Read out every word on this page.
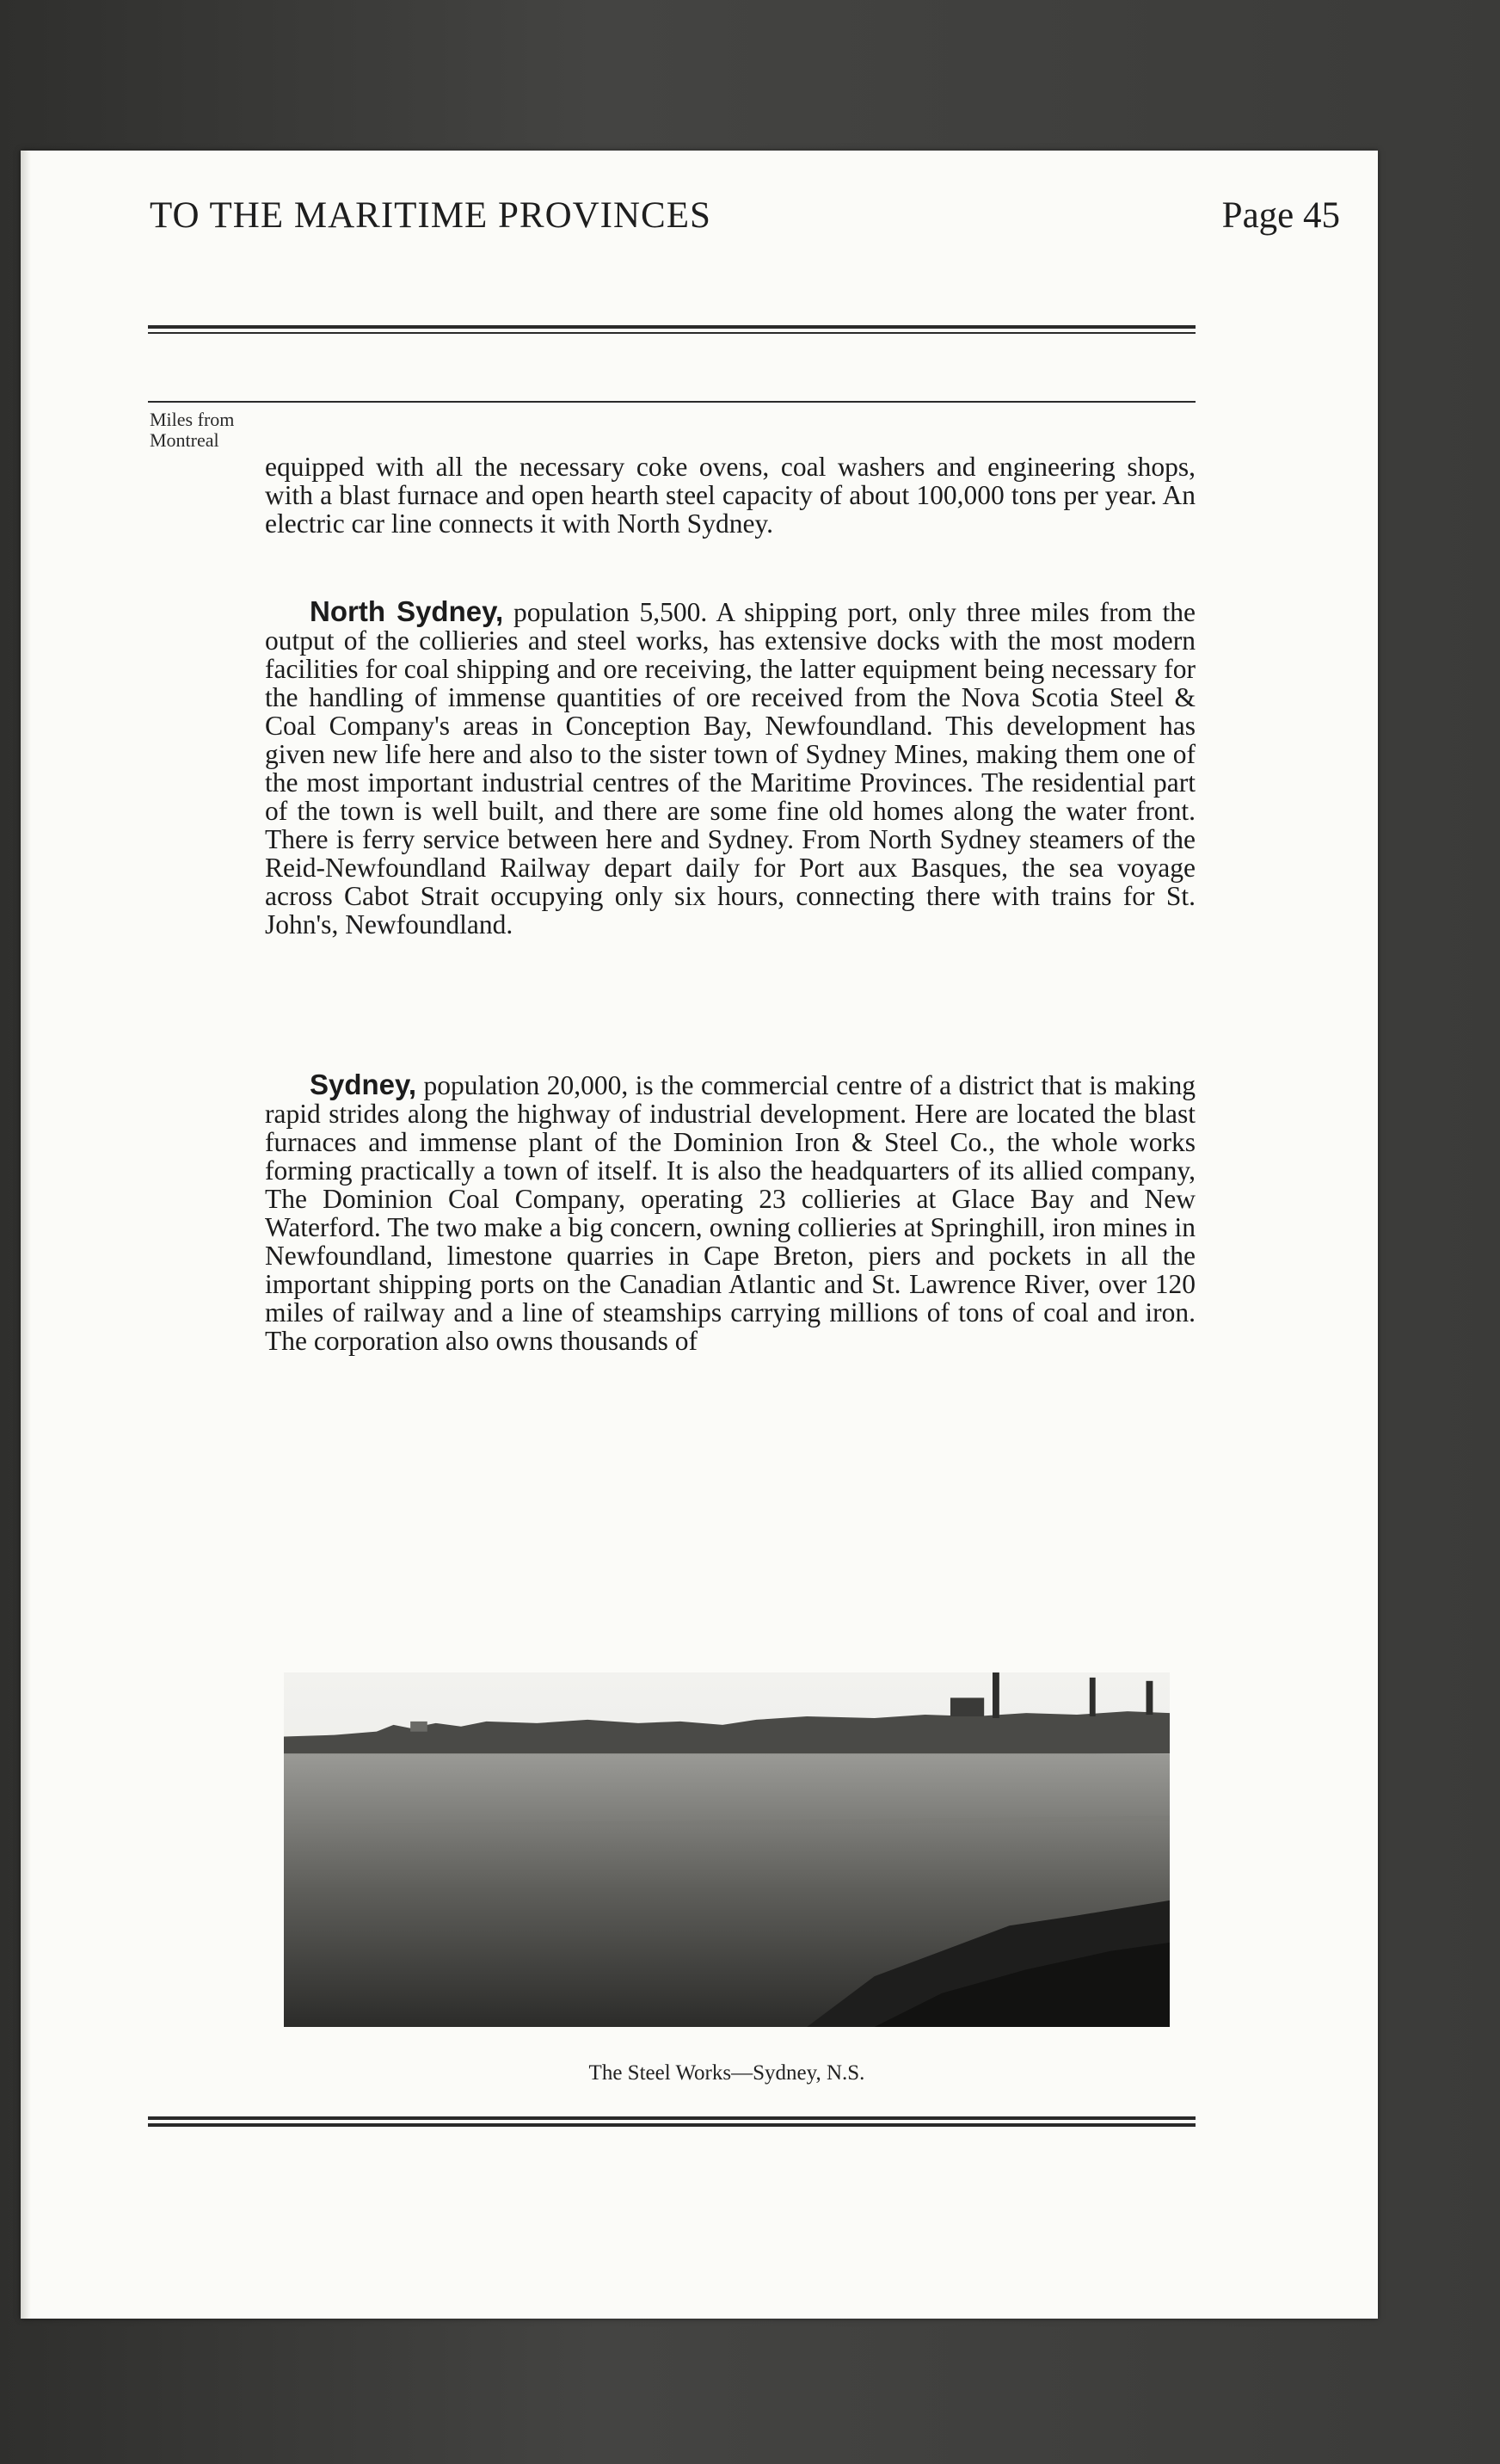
TO THE MARITIME PROVINCES	Page 45
Miles from
Montreal
equipped with all the necessary coke ovens, coal washers and engineering shops, with a blast furnace and open hearth steel capacity of about 100,000 tons per year. An electric car line connects it with North Sydney.
North Sydney, population 5,500. A shipping port, only three miles from the output of the collieries and steel works, has extensive docks with the most modern facilities for coal shipping and ore receiving, the latter equipment being necessary for the handling of immense quantities of ore received from the Nova Scotia Steel & Coal Company's areas in Conception Bay, Newfoundland. This development has given new life here and also to the sister town of Sydney Mines, making them one of the most important industrial centres of the Maritime Provinces. The residential part of the town is well built, and there are some fine old homes along the water front. There is ferry service between here and Sydney. From North Sydney steamers of the Reid-Newfoundland Railway depart daily for Port aux Basques, the sea voyage across Cabot Strait occupying only six hours, connecting there with trains for St. John's, Newfoundland.
Sydney, population 20,000, is the commercial centre of a district that is making rapid strides along the highway of industrial development. Here are located the blast furnaces and immense plant of the Dominion Iron & Steel Co., the whole works forming practically a town of itself. It is also the headquarters of its allied company, The Dominion Coal Company, operating 23 collieries at Glace Bay and New Waterford. The two make a big concern, owning collieries at Springhill, iron mines in Newfoundland, limestone quarries in Cape Breton, piers and pockets in all the important shipping ports on the Canadian Atlantic and St. Lawrence River, over 120 miles of railway and a line of steamships carrying millions of tons of coal and iron. The corporation also owns thousands of
The Steel Works—Sydney, N.S.
